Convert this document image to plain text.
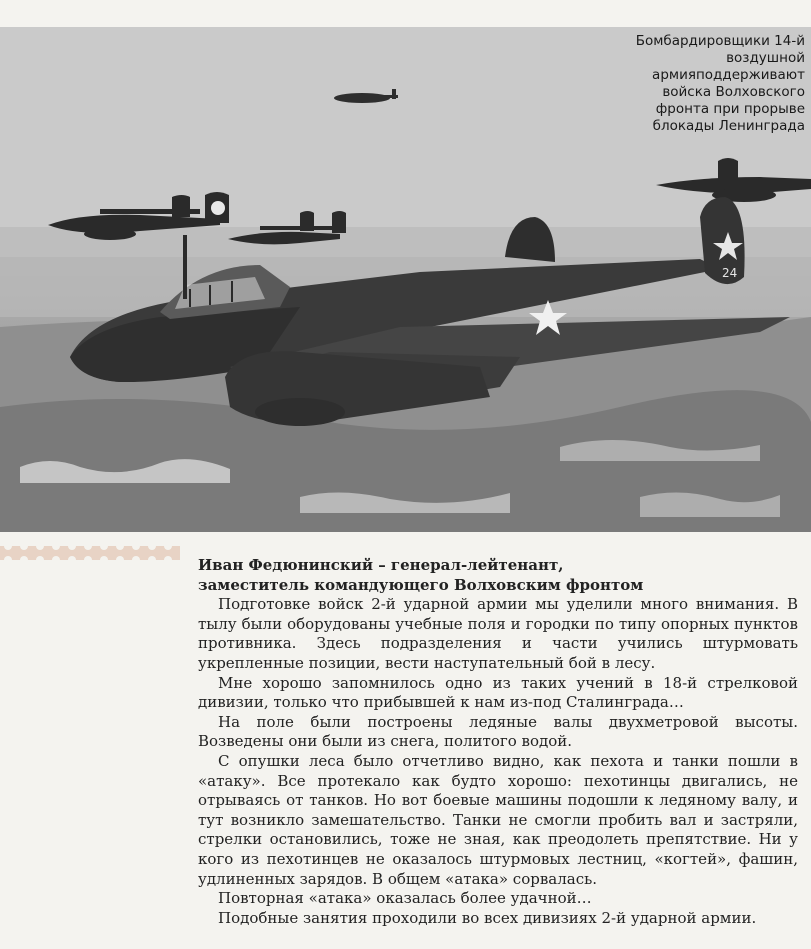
24
Бомбардировщики 14-й воздушной армияподдерживают войска Волховского фронта при прорыве блокады Ленинграда

Иван Федюнинский – генерал-лейтенант,

заместитель командующего Волховским фронтом

Подготовке войск 2-й ударной армии мы уделили много внимания. В тылу были оборудованы учебные поля и городки по типу опорных пунктов противника. Здесь подразделения и части учились штурмовать укрепленные позиции, вести наступательный бой в лесу.

Мне хорошо запомнилось одно из таких учений в 18-й стрелковой дивизии, только что прибывшей к нам из-под Сталинграда…

На поле были построены ледяные валы двухметровой высоты. Возведены они были из снега, политого водой.

С опушки леса было отчетливо видно, как пехота и танки пошли в «атаку». Все протекало как будто хорошо: пехотинцы двигались, не отрываясь от танков. Но вот боевые машины подошли к ледяному валу, и тут возникло замешательство. Танки не смогли пробить вал и застряли, стрелки остановились, тоже не зная, как преодолеть препятствие. Ни у кого из пехотинцев не оказалось штурмовых лестниц, «когтей», фашин, удлиненных зарядов. В общем «атака» сорвалась.

Повторная «атака» оказалась более удачной…

Подобные занятия проходили во всех дивизиях 2-й ударной армии.
